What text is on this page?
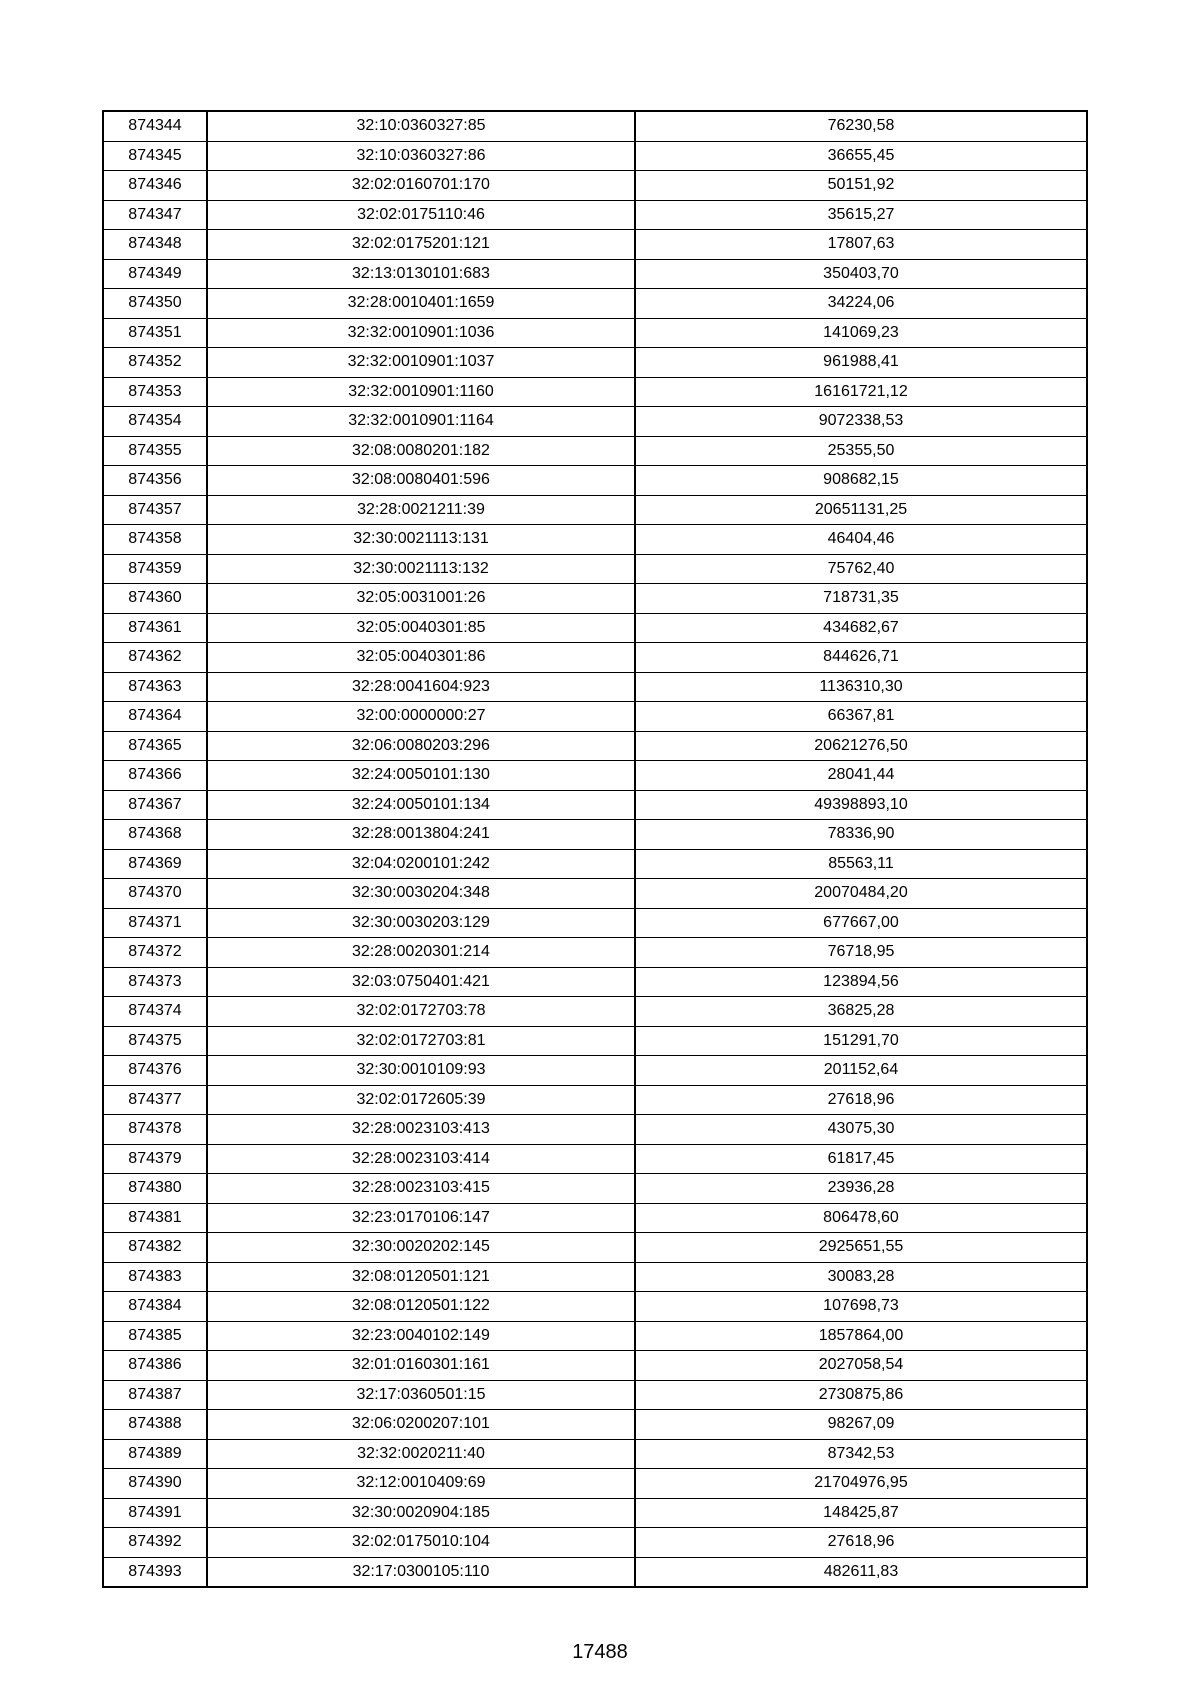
874344	32:10:0360327:85	76230,58
874345	32:10:0360327:86	36655,45
874346	32:02:0160701:170	50151,92
874347	32:02:0175110:46	35615,27
874348	32:02:0175201:121	17807,63
874349	32:13:0130101:683	350403,70
874350	32:28:0010401:1659	34224,06
874351	32:32:0010901:1036	141069,23
874352	32:32:0010901:1037	961988,41
874353	32:32:0010901:1160	16161721,12
874354	32:32:0010901:1164	9072338,53
874355	32:08:0080201:182	25355,50
874356	32:08:0080401:596	908682,15
874357	32:28:0021211:39	20651131,25
874358	32:30:0021113:131	46404,46
874359	32:30:0021113:132	75762,40
874360	32:05:0031001:26	718731,35
874361	32:05:0040301:85	434682,67
874362	32:05:0040301:86	844626,71
874363	32:28:0041604:923	1136310,30
874364	32:00:0000000:27	66367,81
874365	32:06:0080203:296	20621276,50
874366	32:24:0050101:130	28041,44
874367	32:24:0050101:134	49398893,10
874368	32:28:0013804:241	78336,90
874369	32:04:0200101:242	85563,11
874370	32:30:0030204:348	20070484,20
874371	32:30:0030203:129	677667,00
874372	32:28:0020301:214	76718,95
874373	32:03:0750401:421	123894,56
874374	32:02:0172703:78	36825,28
874375	32:02:0172703:81	151291,70
874376	32:30:0010109:93	201152,64
874377	32:02:0172605:39	27618,96
874378	32:28:0023103:413	43075,30
874379	32:28:0023103:414	61817,45
874380	32:28:0023103:415	23936,28
874381	32:23:0170106:147	806478,60
874382	32:30:0020202:145	2925651,55
874383	32:08:0120501:121	30083,28
874384	32:08:0120501:122	107698,73
874385	32:23:0040102:149	1857864,00
874386	32:01:0160301:161	2027058,54
874387	32:17:0360501:15	2730875,86
874388	32:06:0200207:101	98267,09
874389	32:32:0020211:40	87342,53
874390	32:12:0010409:69	21704976,95
874391	32:30:0020904:185	148425,87
874392	32:02:0175010:104	27618,96
874393	32:17:0300105:110	482611,83
17488
